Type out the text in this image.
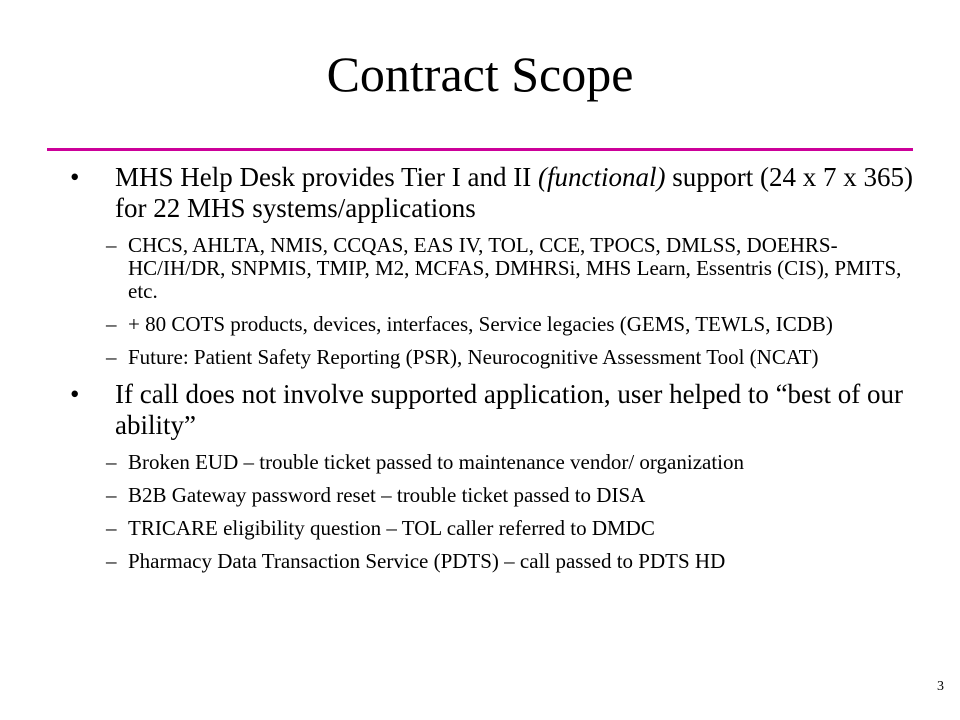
Contract Scope
•	MHS Help Desk provides Tier I and II (functional) support (24 x 7 x 365) for 22 MHS systems/applications
– CHCS, AHLTA, NMIS, CCQAS, EAS IV, TOL, CCE, TPOCS, DMLSS, DOEHRS-HC/IH/DR, SNPMIS, TMIP, M2, MCFAS, DMHRSi, MHS Learn, Essentris (CIS), PMITS, etc.
– + 80 COTS products, devices, interfaces, Service legacies (GEMS, TEWLS, ICDB)
– Future: Patient Safety Reporting (PSR), Neurocognitive Assessment Tool (NCAT)
•	If call does not involve supported application, user helped to “best of our ability”
– Broken EUD – trouble ticket passed to maintenance vendor/ organization
– B2B Gateway password reset – trouble ticket passed to DISA
– TRICARE eligibility question – TOL caller referred to DMDC
– Pharmacy Data Transaction Service (PDTS) – call passed to PDTS HD
3
